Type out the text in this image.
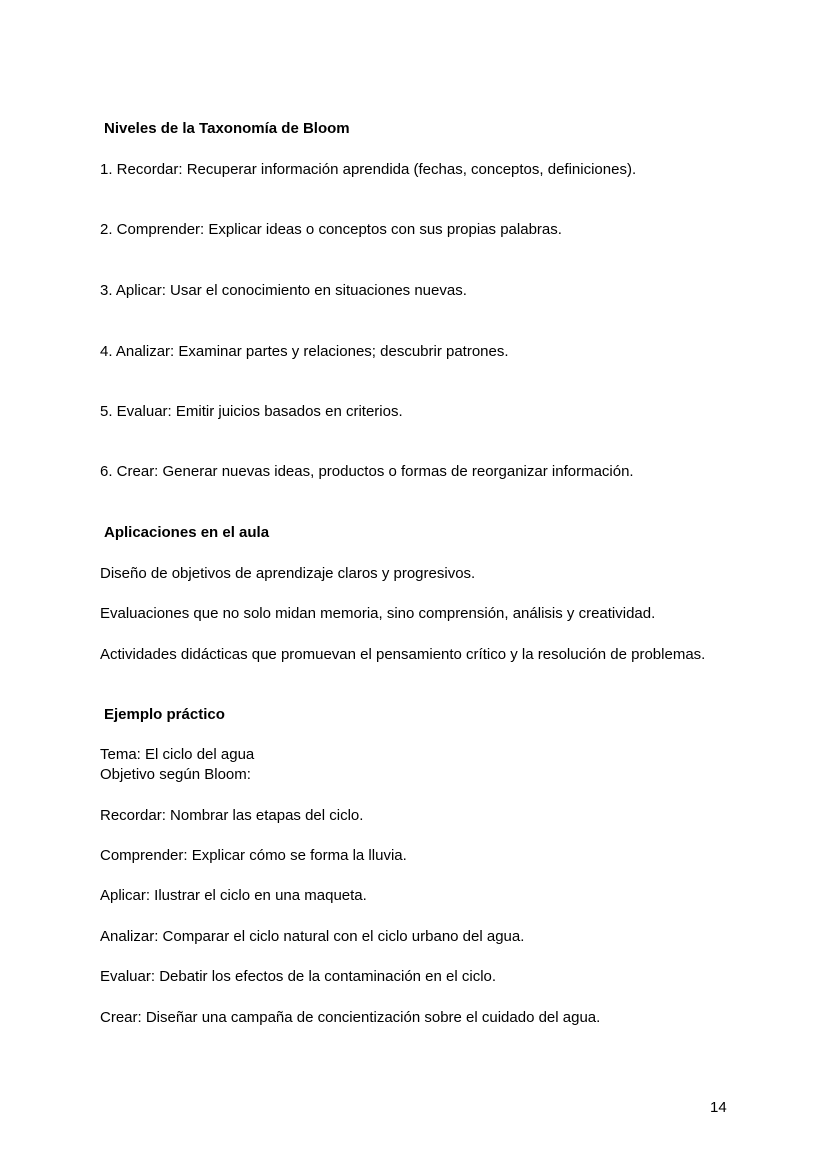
Niveles de la Taxonomía de Bloom
1. Recordar: Recuperar información aprendida (fechas, conceptos, definiciones).
2. Comprender: Explicar ideas o conceptos con sus propias palabras.
3. Aplicar: Usar el conocimiento en situaciones nuevas.
4. Analizar: Examinar partes y relaciones; descubrir patrones.
5. Evaluar: Emitir juicios basados en criterios.
6. Crear: Generar nuevas ideas, productos o formas de reorganizar información.
Aplicaciones en el aula
Diseño de objetivos de aprendizaje claros y progresivos.
Evaluaciones que no solo midan memoria, sino comprensión, análisis y creatividad.
Actividades didácticas que promuevan el pensamiento crítico y la resolución de problemas.
Ejemplo práctico
Tema: El ciclo del agua
Objetivo según Bloom:
Recordar: Nombrar las etapas del ciclo.
Comprender: Explicar cómo se forma la lluvia.
Aplicar: Ilustrar el ciclo en una maqueta.
Analizar: Comparar el ciclo natural con el ciclo urbano del agua.
Evaluar: Debatir los efectos de la contaminación en el ciclo.
Crear: Diseñar una campaña de concientización sobre el cuidado del agua.
14
